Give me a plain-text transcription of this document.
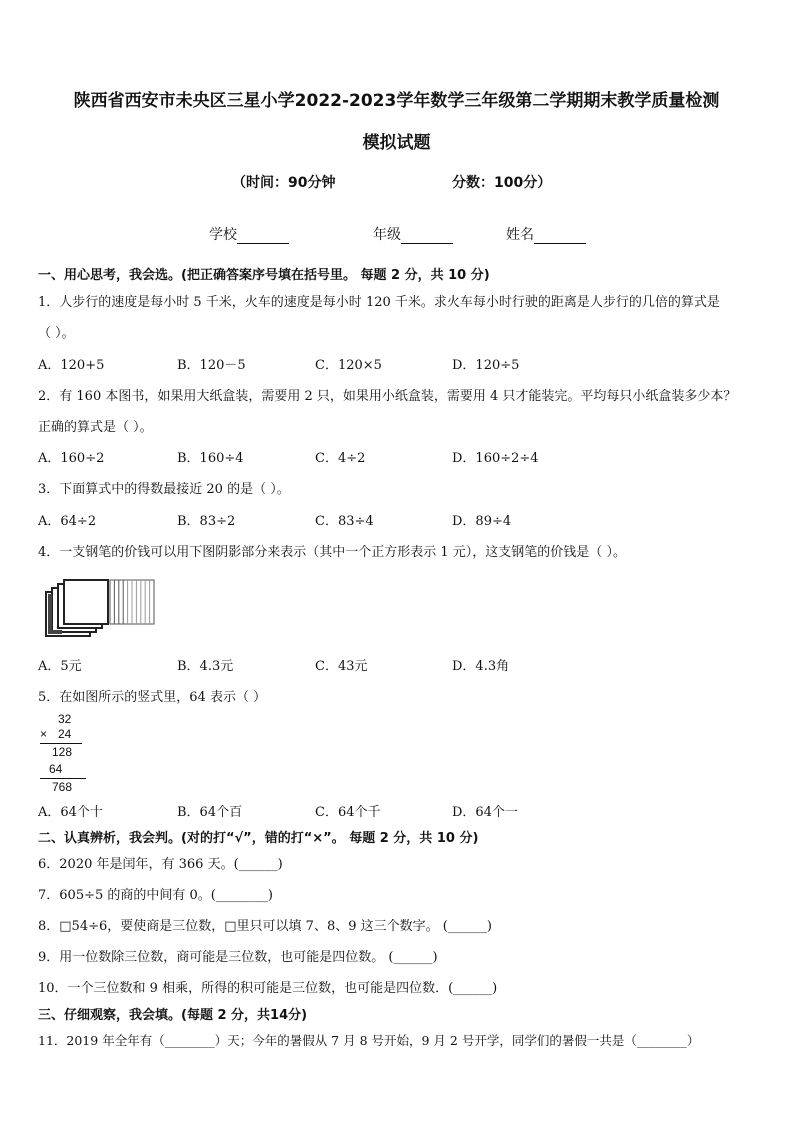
陕西省西安市未央区三星小学2022-2023学年数学三年级第二学期期末教学质量检测
模拟试题
（时间：90分钟	分数：100分）
学校	年级	姓名
一、用心思考，我会选。(把正确答案序号填在括号里。 每题 2 分，共 10 分)
1．人步行的速度是每小时 5 千米，火车的速度是每小时 120 千米。求火车每小时行驶的距离是人步行的几倍的算式是
（ ）。
A．120+5	B．120－5	C．120×5	D．120÷5
2．有 160 本图书，如果用大纸盒装，需要用 2 只，如果用小纸盒装，需要用 4 只才能装完。平均每只小纸盒装多少本？
正确的算式是（ ）。
A．160÷2	B．160÷4	C．4÷2	D．160÷2÷4
3．下面算式中的得数最接近 20 的是（ ）。
A．64÷2	B．83÷2	C．83÷4	D．89÷4
4．一支钢笔的价钱可以用下图阴影部分来表示（其中一个正方形表示 1 元），这支钢笔的价钱是（ ）。
A．5元	B．4.3元	C．43元	D．4.3角
5．在如图所示的竖式里，64 表示（ ）
32
× 24
128
64
768
A．64个十	B．64个百	C．64个千	D．64个一
二、认真辨析，我会判。(对的打“√”，错的打“×”。 每题 2 分，共 10 分)
6．2020 年是闰年，有 366 天。(______)
7．605÷5 的商的中间有 0。(________)
8．□54÷6，要使商是三位数，□里只可以填 7、8、9 这三个数字。 (______)
9．用一位数除三位数，商可能是三位数，也可能是四位数。 (______)
10．一个三位数和 9 相乘，所得的积可能是三位数，也可能是四位数．(______)
三、仔细观察，我会填。(每题 2 分，共14分)
11．2019 年全年有（________）天；今年的暑假从 7 月 8 号开始，9 月 2 号开学，同学们的暑假一共是（________）
